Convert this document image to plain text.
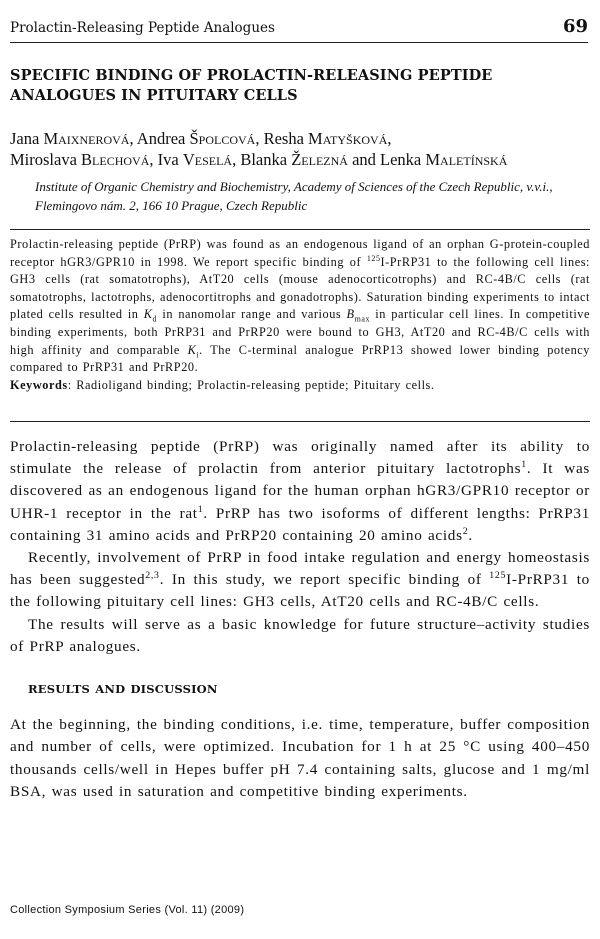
Prolactin-Releasing Peptide Analogues	69
SPECIFIC BINDING OF PROLACTIN-RELEASING PEPTIDE ANALOGUES IN PITUITARY CELLS
Jana Maixnerová, Andrea Špolcová, Resha Matyšková,
Miroslava Blechová, Iva Veselá, Blanka Železná and Lenka Maletínská
Institute of Organic Chemistry and Biochemistry, Academy of Sciences of the Czech Republic, v.v.i.,
Flemingovo nám. 2, 166 10 Prague, Czech Republic

Prolactin-releasing peptide (PrRP) was found as an endogenous ligand of an orphan G-protein-coupled receptor hGR3/GPR10 in 1998. We report specific binding of $^{125}$I-PrRP31 to the following cell lines: GH3 cells (rat somatotrophs), AtT20 cells (mouse adenocorticotrophs) and RC-4B/C cells (rat somatotrophs, lactotrophs, adenocortitrophs and gonadotrophs). Saturation binding experiments to intact plated cells resulted in $K_d$ in nanomolar range and various $B_{max}$ in particular cell lines. In competitive binding experiments, both PrRP31 and PrRP20 were bound to GH3, AtT20 and RC-4B/C cells with high affinity and comparable $K_i$. The C-terminal analogue PrRP13 showed lower binding potency compared to PrRP31 and PrRP20.

Keywords: Radioligand binding; Prolactin-releasing peptide; Pituitary cells.

Prolactin-releasing peptide (PrRP) was originally named after its ability to stimulate the release of prolactin from anterior pituitary lactotrophs$^1$. It was discovered as an endogenous ligand for the human orphan hGR3/GPR10 receptor or UHR-1 receptor in the rat$^1$. PrRP has two isoforms of different lengths: PrRP31 containing 31 amino acids and PrRP20 containing 20 amino acids$^2$.

Recently, involvement of PrRP in food intake regulation and energy homeostasis has been suggested$^{2,3}$. In this study, we report specific binding of $^{125}$I-PrRP31 to the following pituitary cell lines: GH3 cells, AtT20 cells and RC-4B/C cells.

The results will serve as a basic knowledge for future structure–activity studies of PrRP analogues.

RESULTS AND DISCUSSION

At the beginning, the binding conditions, i.e. time, temperature, buffer composition and number of cells, were optimized. Incubation for 1 h at 25 °C using 400–450 thousands cells/well in Hepes buffer pH 7.4 containing salts, glucose and 1 mg/ml BSA, was used in saturation and competitive binding experiments.

Collection Symposium Series (Vol. 11) (2009)
